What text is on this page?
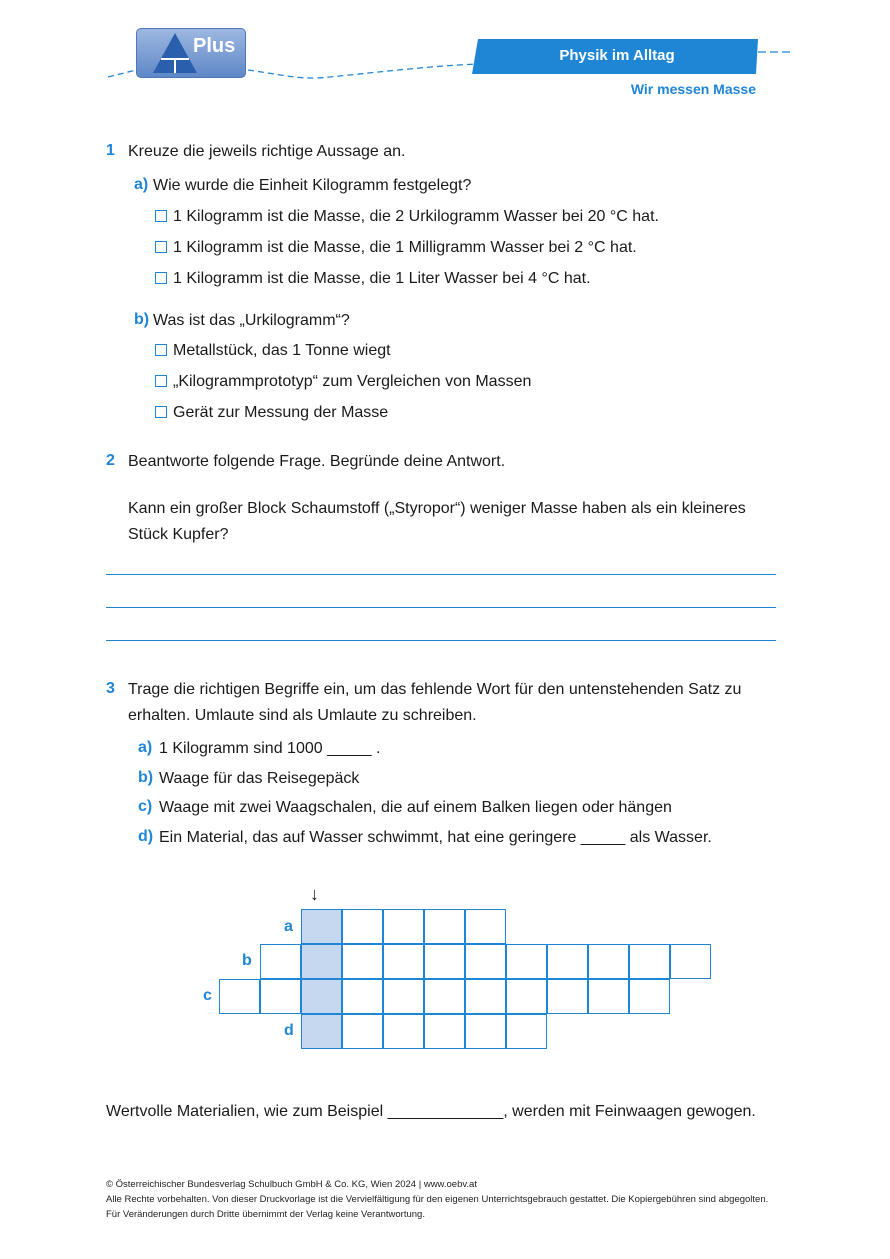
Plus	Physik im Alltag
Wir messen Masse
1 Kreuze die jeweils richtige Aussage an.
a) Wie wurde die Einheit Kilogramm festgelegt?
1 Kilogramm ist die Masse, die 2 Urkilogramm Wasser bei 20 °C hat.
1 Kilogramm ist die Masse, die 1 Milligramm Wasser bei 2 °C hat.
1 Kilogramm ist die Masse, die 1 Liter Wasser bei 4 °C hat.
b) Was ist das „Urkilogramm“?
Metallstück, das 1 Tonne wiegt
„Kilogrammprototyp“ zum Vergleichen von Massen
Gerät zur Messung der Masse
2 Beantworte folgende Frage. Begründe deine Antwort.
Kann ein großer Block Schaumstoff („Styropor“) weniger Masse haben als ein kleineres
Stück Kupfer?
3 Trage die richtigen Begriffe ein, um das fehlende Wort für den untenstehenden Satz zu
erhalten. Umlaute sind als Umlaute zu schreiben.
a) 1 Kilogramm sind 1000 _____ .
b) Waage für das Reisegepäck
c) Waage mit zwei Waagschalen, die auf einem Balken liegen oder hängen
d) Ein Material, das auf Wasser schwimmt, hat eine geringere _____ als Wasser.
↓
a
b
c
d
Wertvolle Materialien, wie zum Beispiel _____________, werden mit Feinwaagen gewogen.
© Österreichischer Bundesverlag Schulbuch GmbH & Co. KG, Wien 2024 | www.oebv.at
Alle Rechte vorbehalten. Von dieser Druckvorlage ist die Vervielfältigung für den eigenen Unterrichtsgebrauch gestattet. Die Kopiergebühren sind abgegolten.
Für Veränderungen durch Dritte übernimmt der Verlag keine Verantwortung.
